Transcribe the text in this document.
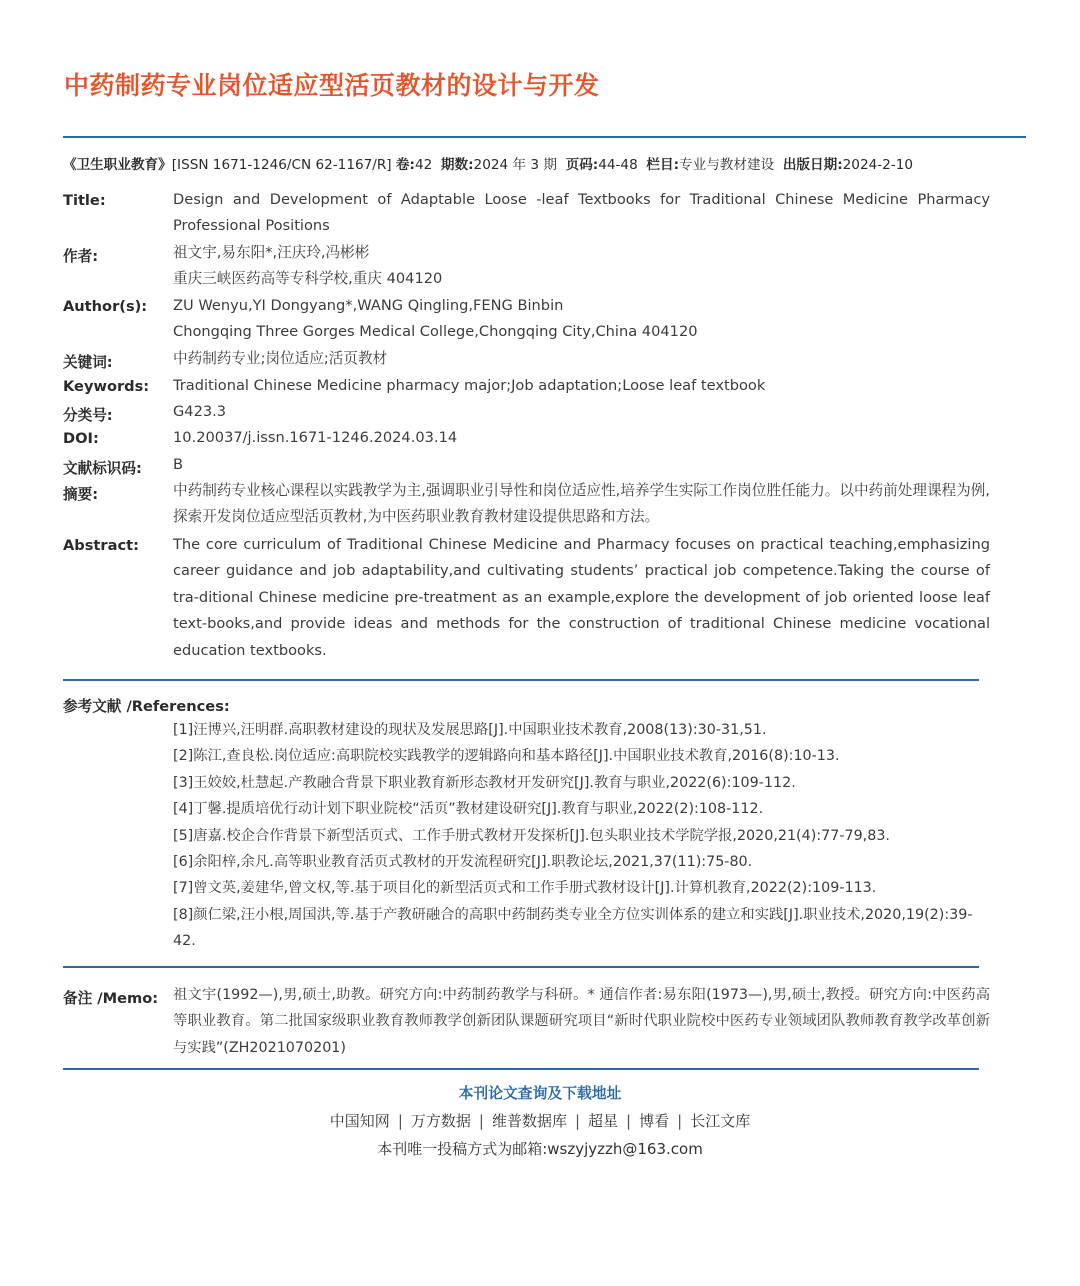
中药制药专业岗位适应型活页教材的设计与开发
《卫生职业教育》[ISSN 1671-1246/CN 62-1167/R] 卷:42 期数:2024 年 3 期 页码:44-48 栏目:专业与教材建设 出版日期:2024-2-10
Title:	Design and Development of Adaptable Loose -leaf Textbooks for Traditional Chinese Medicine Pharmacy
Professional Positions
作者:	祖文宇,易东阳*,汪庆玲,冯彬彬
重庆三峡医药高等专科学校,重庆 404120
Author(s): ZU Wenyu,YI Dongyang*,WANG Qingling,FENG Binbin
Chongqing Three Gorges Medical College,Chongqing City,China 404120
关键词:	中药制药专业;岗位适应;活页教材
Keywords: Traditional Chinese Medicine pharmacy major;Job adaptation;Loose leaf textbook
分类号:	G423.3
DOI:	10.20037/j.issn.1671-1246.2024.03.14
文献标识码: B
摘要:	中药制药专业核心课程以实践教学为主,强调职业引导性和岗位适应性,培养学生实际工作岗位胜任能力。以中药前处理课程为例,探索开发岗位适应型活页教材,为中医药职业教育教材建设提供思路和方法。
Abstract: The core curriculum of Traditional Chinese Medicine and Pharmacy focuses on practical teaching,emphasizing career guidance and job adaptability,and cultivating students’ practical job competence.Taking the course of tra-ditional Chinese medicine pre-treatment as an example,explore the development of job oriented loose leaf text-books,and provide ideas and methods for the construction of traditional Chinese medicine vocational education textbooks.
参考文献 /References:
[1]汪博兴,汪明群.高职教材建设的现状及发展思路[J].中国职业技术教育,2008(13):30-31,51.
[2]陈江,查良松.岗位适应:高职院校实践教学的逻辑路向和基本路径[J].中国职业技术教育,2016(8):10-13.
[3]王姣姣,杜慧起.产教融合背景下职业教育新形态教材开发研究[J].教育与职业,2022(6):109-112.
[4]丁馨.提质培优行动计划下职业院校“活页”教材建设研究[J].教育与职业,2022(2):108-112.
[5]唐嘉.校企合作背景下新型活页式、工作手册式教材开发探析[J].包头职业技术学院学报,2020,21(4):77-79,83.
[6]余阳梓,余凡.高等职业教育活页式教材的开发流程研究[J].职教论坛,2021,37(11):75-80.
[7]曾文英,姜建华,曾文权,等.基于项目化的新型活页式和工作手册式教材设计[J].计算机教育,2022(2):109-113.
[8]颜仁梁,汪小根,周国洪,等.基于产教研融合的高职中药制药类专业全方位实训体系的建立和实践[J].职业技术,2020,19(2):39-42.
备注 /Memo: 祖文宇(1992—),男,硕士,助教。研究方向:中药制药教学与科研。* 通信作者:易东阳(1973—),男,硕士,教授。研究方向:中医药高等职业教育。第二批国家级职业教育教师教学创新团队课题研究项目“新时代职业院校中医药专业领域团队教师教育教学改革创新与实践”(ZH2021070201)
本刊论文查询及下载地址
中国知网 | 万方数据 | 维普数据库 | 超星 | 博看 | 长江文库
本刊唯一投稿方式为邮箱:wszyjyzzh@163.com
